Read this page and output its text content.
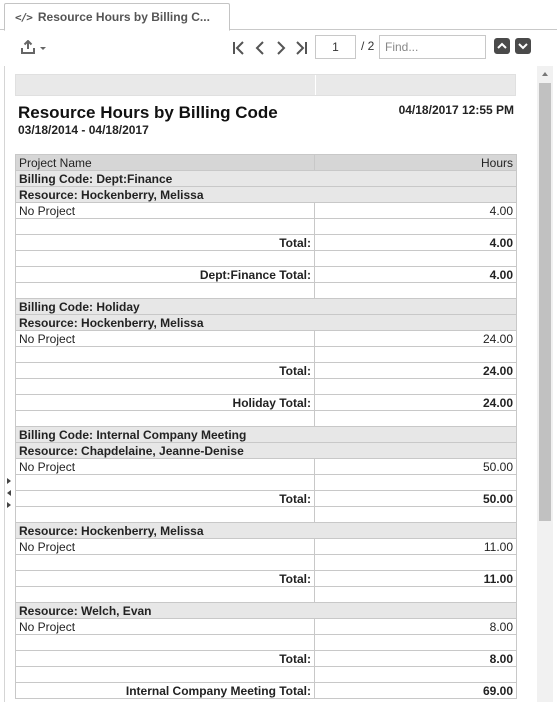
</> Resource Hours by Billing C...
1
/ 2
Find...
Resource Hours by Billing Code
03/18/2014 - 04/18/2017
04/18/2017 12:55 PM
Project Name	Hours
Billing Code: Dept:Finance	
Resource: Hockenberry, Melissa	
No Project	4.00

Total:	4.00

Dept:Finance Total:	4.00

Billing Code: Holiday	
Resource: Hockenberry, Melissa	
No Project	24.00

Total:	24.00

Holiday Total:	24.00

Billing Code: Internal Company Meeting	
Resource: Chapdelaine, Jeanne-Denise	
No Project	50.00

Total:	50.00

Resource: Hockenberry, Melissa	
No Project	11.00

Total:	11.00

Resource: Welch, Evan	
No Project	8.00

Total:	8.00

Internal Company Meeting Total:	69.00
